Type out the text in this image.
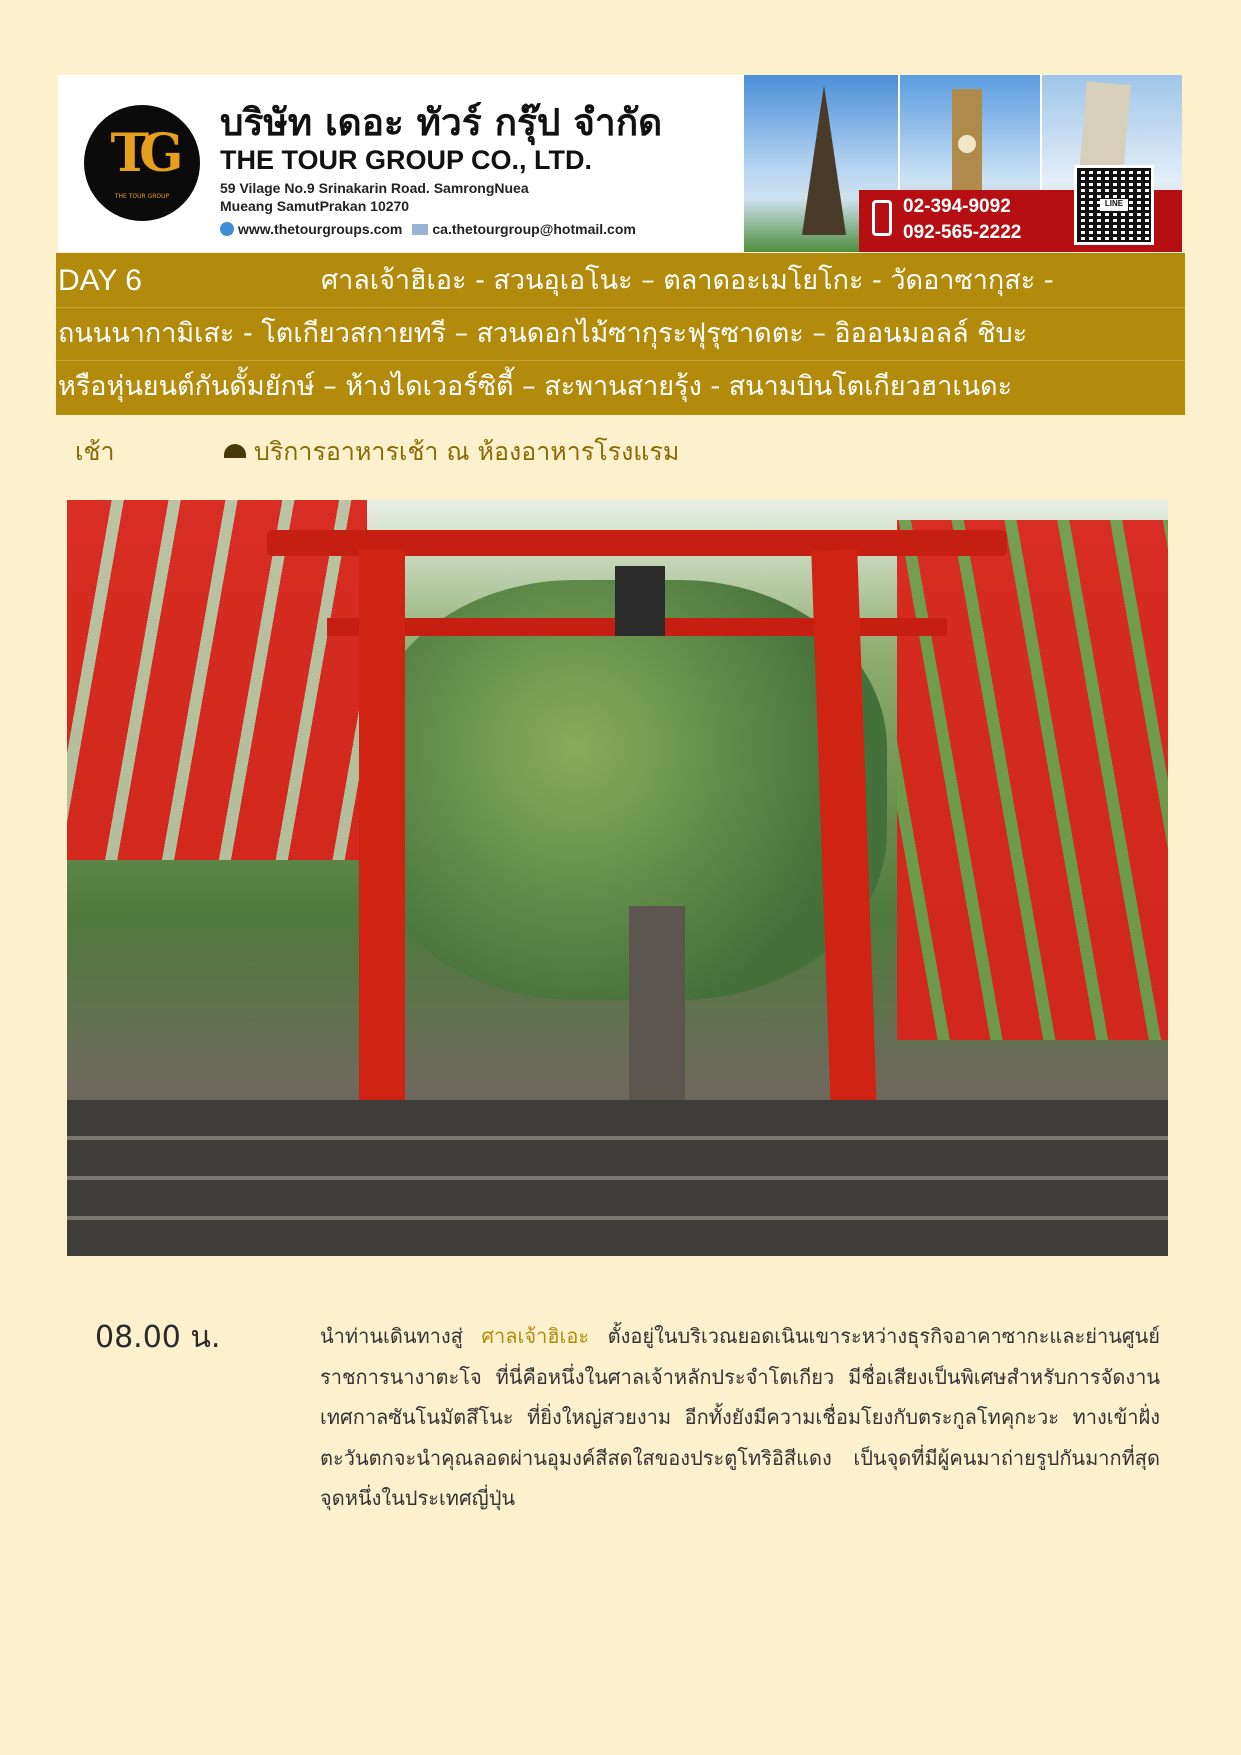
TG
THE TOUR GROUP
บริษัท เดอะ ทัวร์ กรุ๊ป จำกัด
THE TOUR GROUP CO., LTD.
59 Vilage No.9 Srinakarin Road. SamrongNuea
Mueang SamutPrakan 10270
www.thetourgroups.com ca.thetourgroup@hotmail.com
02-394-9092
092-565-2222
LINE
DAY 6	ศาลเจ้าฮิเอะ - สวนอุเอโนะ – ตลาดอะเมโยโกะ - วัดอาซากุสะ -
ถนนนากามิเสะ - โตเกียวสกายทรี – สวนดอกไม้ซากุระฟุรุซาดตะ – อิออนมอลล์ ชิบะ
หรือหุ่นยนต์กันดั้มยักษ์ – ห้างไดเวอร์ซิตี้ – สะพานสายรุ้ง - สนามบินโตเกียวฮาเนดะ
เช้า	บริการอาหารเช้า ณ ห้องอาหารโรงแรม
08.00 น.	นำท่านเดินทางสู่ ศาลเจ้าฮิเอะ ตั้งอยู่ในบริเวณยอดเนินเขาระหว่างธุรกิจอาคาซากะและย่านศูนย์ราชการนางาตะโจ ที่นี่คือหนึ่งในศาลเจ้าหลักประจำโตเกียว มีชื่อเสียงเป็นพิเศษสำหรับการจัดงานเทศกาลซันโนมัตสึโนะ ที่ยิ่งใหญ่สวยงาม อีกทั้งยังมีความเชื่อมโยงกับตระกูลโทคุกะวะ ทางเข้าฝั่งตะวันตกจะนำคุณลอดผ่านอุมงค์สีสดใสของประตูโทริอิสีแดง เป็นจุดที่มีผู้คนมาถ่ายรูปกันมากที่สุดจุดหนึ่งในประเทศญี่ปุ่น
